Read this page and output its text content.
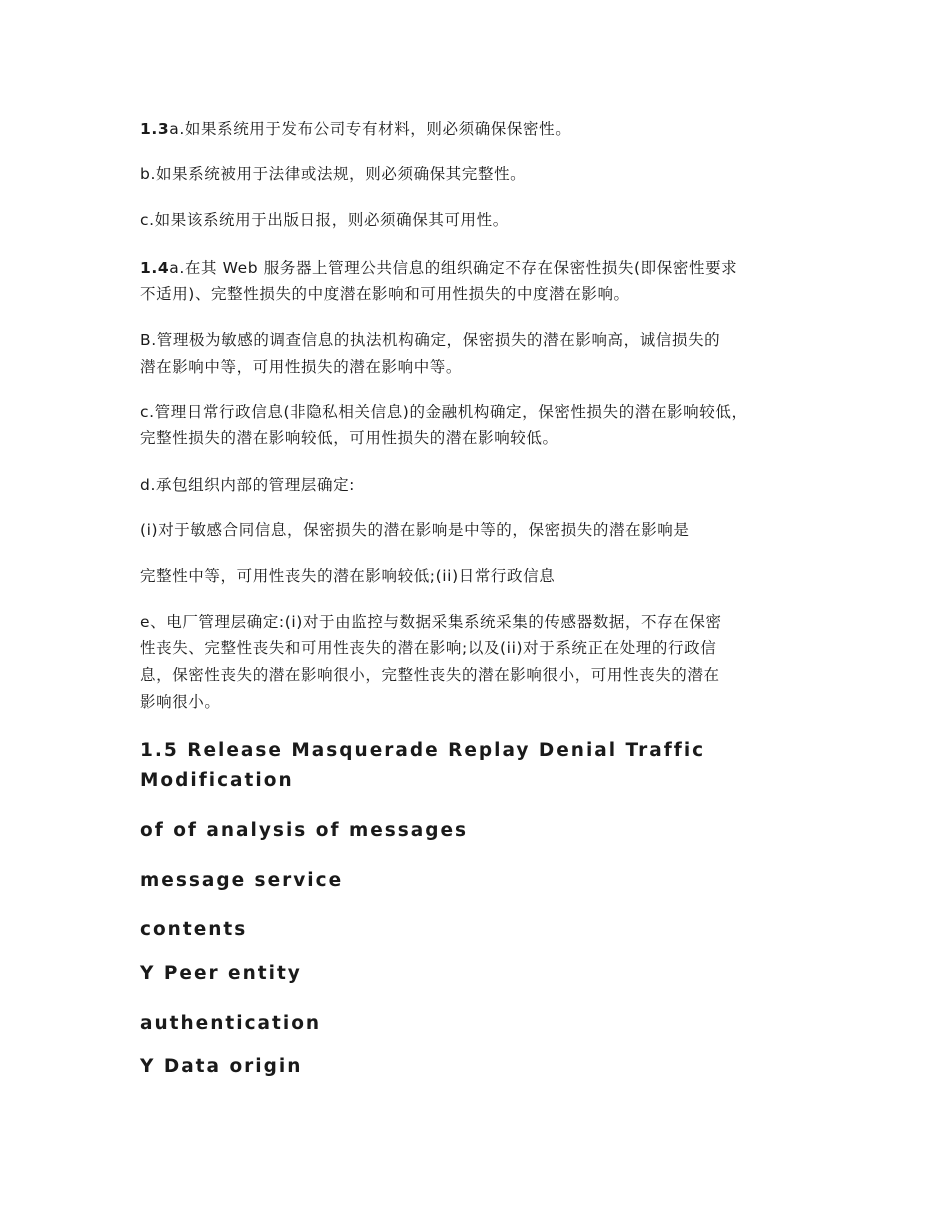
1.3a.如果系统用于发布公司专有材料，则必须确保保密性。

b.如果系统被用于法律或法规，则必须确保其完整性。

c.如果该系统用于出版日报，则必须确保其可用性。

1.4a.在其 Web 服务器上管理公共信息的组织确定不存在保密性损失(即保密性要求

不适用)、完整性损失的中度潜在影响和可用性损失的中度潜在影响。

B.管理极为敏感的调查信息的执法机构确定，保密损失的潜在影响高，诚信损失的

潜在影响中等，可用性损失的潜在影响中等。

c.管理日常行政信息(非隐私相关信息)的金融机构确定，保密性损失的潜在影响较低，

完整性损失的潜在影响较低，可用性损失的潜在影响较低。

d.承包组织内部的管理层确定:

(i)对于敏感合同信息，保密损失的潜在影响是中等的，保密损失的潜在影响是

完整性中等，可用性丧失的潜在影响较低;(ii)日常行政信息

e、电厂管理层确定:(i)对于由监控与数据采集系统采集的传感器数据，不存在保密

性丧失、完整性丧失和可用性丧失的潜在影响;以及(ii)对于系统正在处理的行政信

息，保密性丧失的潜在影响很小，完整性丧失的潜在影响很小，可用性丧失的潜在

影响很小。

1.5 Release Masquerade Replay Denial Traffic

Modification

of of analysis of messages

message service

contents

Y Peer entity

authentication

Y Data origin
